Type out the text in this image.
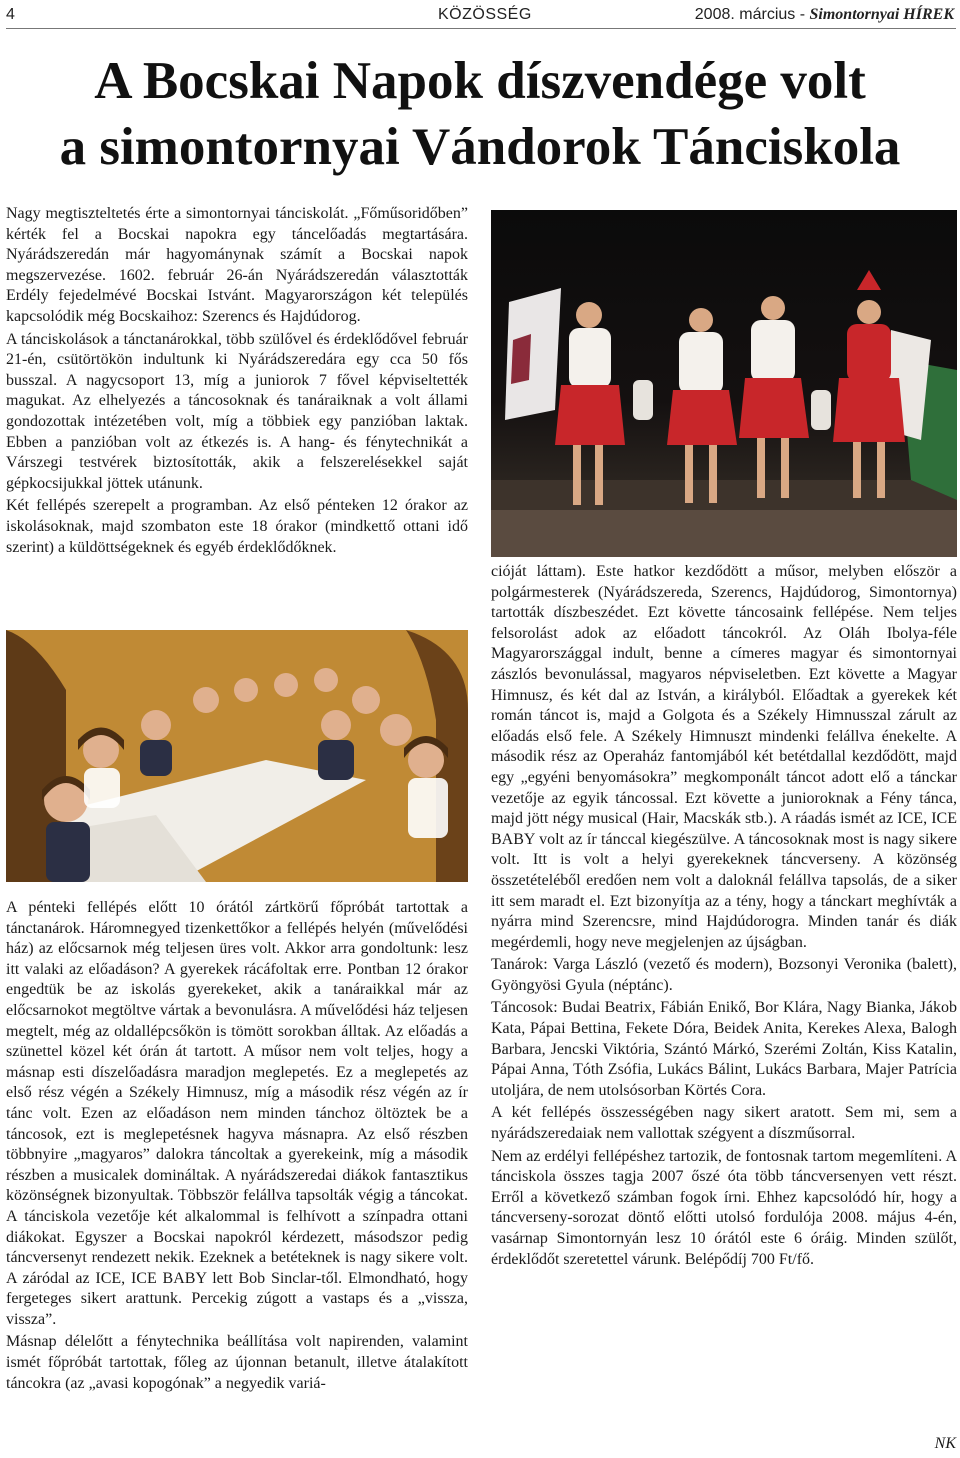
4	KÖZÖSSÉG	2008. március - Simontornyai HÍREK
A Bocskai Napok díszvendége volt
a simontornyai Vándorok Tánciskola

Nagy megtiszteltetés érte a simontornyai tánciskolát. „Főműsoridőben” kérték fel a Bocskai napokra egy táncelőadás megtartására. Nyárádszeredán már hagyománynak számít a Bocskai napok megszervezése. 1602. február 26-án Nyárádszeredán választották Erdély fejedelmévé Bocskai Istvánt. Magyarországon két település kapcsolódik még Bocskaihoz: Szerencs és Hajdúdorog.

A tánciskolások a tánctanárokkal, több szülővel és érdeklődővel február 21-én, csütörtökön indultunk ki Nyárádszeredára egy cca 50 fős busszal. A nagycsoport 13, míg a juniorok 7 fővel képviseltették magukat. Az elhelyezés a táncosoknak és tanáraiknak a volt állami gondozottak intézetében volt, míg a többiek egy panzióban laktak. Ebben a panzióban volt az étkezés is. A hang- és fénytechnikát a Várszegi testvérek biztosították, akik a felszerelésekkel saját gépkocsijukkal jöttek utánunk.

Két fellépés szerepelt a programban. Az első pénteken 12 órakor az iskolásoknak, majd szombaton este 18 órakor (mindkettő ottani idő szerint) a küldöttségeknek és egyéb érdeklődőknek.

A pénteki fellépés előtt 10 órától zártkörű főpróbát tartottak a tánctanárok. Háromnegyed tizenkettőkor a fellépés helyén (művelődési ház) az előcsarnok még teljesen üres volt. Akkor arra gondoltunk: lesz itt valaki az előadáson? A gyerekek rácáfoltak erre. Pontban 12 órakor engedtük be az iskolás gyerekeket, akik a tanáraikkal már az előcsarnokot megtöltve vártak a bevonulásra. A művelődési ház teljesen megtelt, még az oldallépcsőkön is tömött sorokban álltak. Az előadás a szünettel közel két órán át tartott. A műsor nem volt teljes, hogy a másnap esti díszelőadásra maradjon meglepetés. Ez a meglepetés az első rész végén a Székely Himnusz, míg a második rész végén az ír tánc volt. Ezen az előadáson nem minden tánchoz öltöztek be a táncosok, ezt is meglepetésnek hagyva másnapra. Az első részben többnyire „magyaros” dalokra táncoltak a gyerekeink, míg a második részben a musicalek domináltak. A nyárádszeredai diákok fantasztikus közönségnek bizonyultak. Többször felállva tapsolták végig a táncokat. A tánciskola vezetője két alkalommal is felhívott a színpadra ottani diákokat. Egyszer a Bocskai napokról kérdezett, másodszor pedig táncversenyt rendezett nekik. Ezeknek a betéteknek is nagy sikere volt. A záródal az ICE, ICE BABY lett Bob Sinclar-től. Elmondható, hogy fergeteges sikert arattunk. Percekig zúgott a vastaps és a „vissza, vissza”.

Másnap délelőtt a fénytechnika beállítása volt napirenden, valamint ismét főpróbát tartottak, főleg az újonnan betanult, illetve átalakított táncokra (az „avasi kopogónak” a negyedik variá-

cióját láttam). Este hatkor kezdődött a műsor, melyben először a polgármesterek (Nyárádszereda, Szerencs, Hajdúdorog, Simontornya) tartották díszbeszédet. Ezt követte táncosaink fellépése. Nem teljes felsorolást adok az előadott táncokról. Az Oláh Ibolya-féle Magyarországgal indult, benne a címeres magyar és simontornyai zászlós bevonulással, magyaros népviseletben. Ezt követte a Magyar Himnusz, és két dal az István, a királyból. Előadtak a gyerekek két román táncot is, majd a Golgota és a Székely Himnusszal zárult az előadás első fele. A Székely Himnuszt mindenki felállva énekelte. A második rész az Operaház fantomjából két betétdallal kezdődött, majd egy „egyéni benyomásokra” megkomponált táncot adott elő a tánckar vezetője az egyik táncossal. Ezt követte a junioroknak a Fény tánca, majd jött négy musical (Hair, Macskák stb.). A ráadás ismét az ICE, ICE BABY volt az ír tánccal kiegészülve. A táncosoknak most is nagy sikere volt. Itt is volt a helyi gyerekeknek táncverseny. A közönség összetételéből eredően nem volt a daloknál felállva tapsolás, de a siker itt sem maradt el. Ezt bizonyítja az a tény, hogy a tánckart meghívták a nyárra mind Szerencsre, mind Hajdúdorogra. Minden tanár és diák megérdemli, hogy neve megjelenjen az újságban.

Tanárok: Varga László (vezető és modern), Bozsonyi Veronika (balett), Gyöngyösi Gyula (néptánc).

Táncosok: Budai Beatrix, Fábián Enikő, Bor Klára, Nagy Bianka, Jákob Kata, Pápai Bettina, Fekete Dóra, Beidek Anita, Kerekes Alexa, Balogh Barbara, Jencski Viktória, Szántó Márkó, Szerémi Zoltán, Kiss Katalin, Pápai Anna, Tóth Zsófia, Lukács Bálint, Lukács Barbara, Majer Patrícia utoljára, de nem utolsósorban Körtés Cora.

A két fellépés összességében nagy sikert aratott. Sem mi, sem a nyárádszeredaiak nem vallottak szégyent a díszműsorral.

Nem az erdélyi fellépéshez tartozik, de fontosnak tartom megemlíteni. A tánciskola összes tagja 2007 őszé óta több táncversenyen vett részt. Erről a következő számban fogok írni. Ehhez kapcsolódó hír, hogy a táncverseny-sorozat döntő előtti utolsó fordulója 2008. május 4-én, vasárnap Simontornyán lesz 10 órától este 6 óráig. Minden szülőt, érdeklődőt szeretettel várunk. Belépődíj 700 Ft/fő.

NK
